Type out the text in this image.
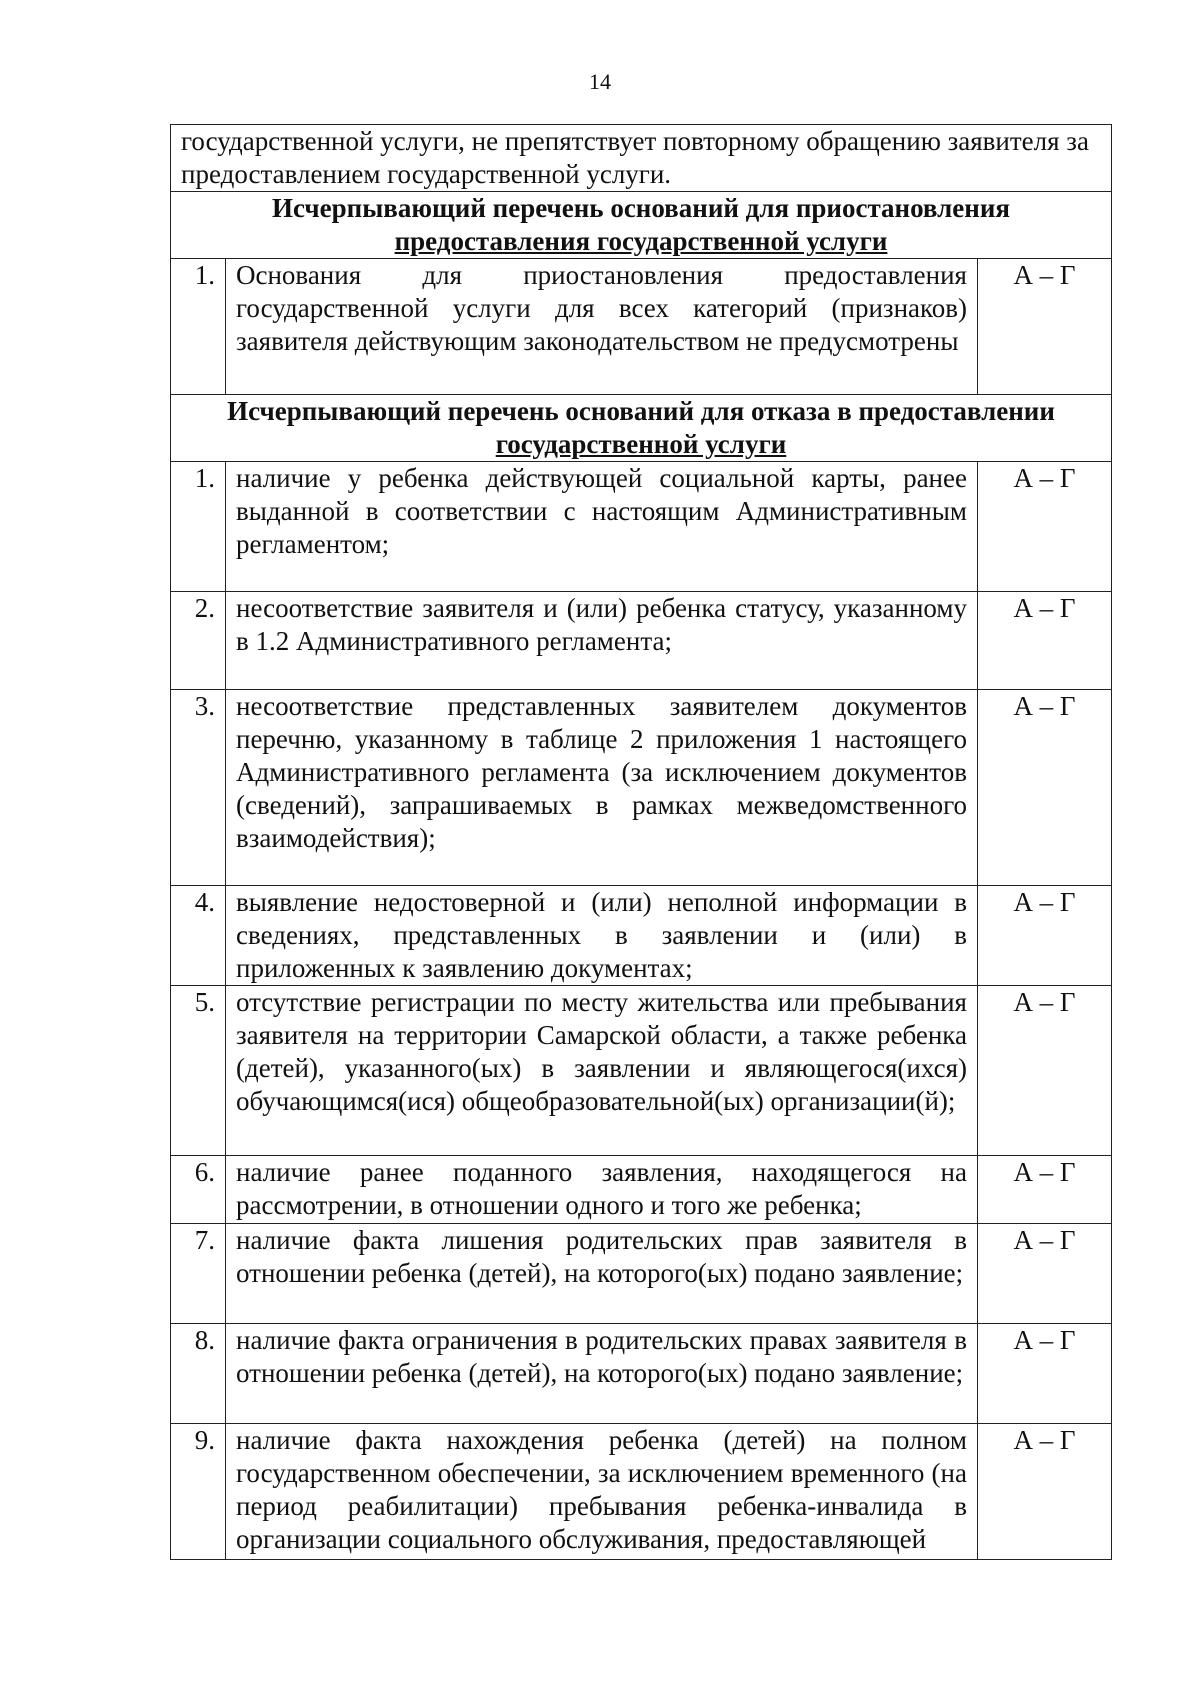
14
государственной услуги, не препятствует повторному обращению заявителя за предоставлением государственной услуги.		

Исчерпывающий перечень оснований для приостановления
предоставления государственной услуги		

1.	Основания для приостановления предоставления государственной услуги для всех категорий (признаков) заявителя действующим законодательством не предусмотрены	А – Г

Исчерпывающий перечень оснований для отказа в предоставлении
государственной услуги		

1.	наличие у ребенка действующей социальной карты, ранее выданной в соответствии с настоящим Административным регламентом;	А – Г
2.	несоответствие заявителя и (или) ребенка статусу, указанному в 1.2 Административного регламента;	А – Г
3.	несоответствие представленных заявителем документов перечню, указанному в таблице 2 приложения 1 настоящего Административного регламента (за исключением документов (сведений), запрашиваемых в рамках межведомственного взаимодействия);	А – Г
4.	выявление недостоверной и (или) неполной информации в сведениях, представленных в заявлении и (или) в приложенных к заявлению документах;	А – Г
5.	отсутствие регистрации по месту жительства или пребывания заявителя на территории Самарской области, а также ребенка (детей), указанного(ых) в заявлении и являющегося(ихся) обучающимся(ися) общеобразовательной(ых) организации(й);	А – Г
6.	наличие ранее поданного заявления, находящегося на рассмотрении, в отношении одного и того же ребенка;	А – Г
7.	наличие факта лишения родительских прав заявителя в отношении ребенка (детей), на которого(ых) подано заявление;	А – Г
8.	наличие факта ограничения в родительских правах заявителя в отношении ребенка (детей), на которого(ых) подано заявление;	А – Г
9.	наличие факта нахождения ребенка (детей) на полном государственном обеспечении, за исключением временного (на период реабилитации) пребывания ребенка-инвалида в организации социального обслуживания, предоставляющей	А – Г
